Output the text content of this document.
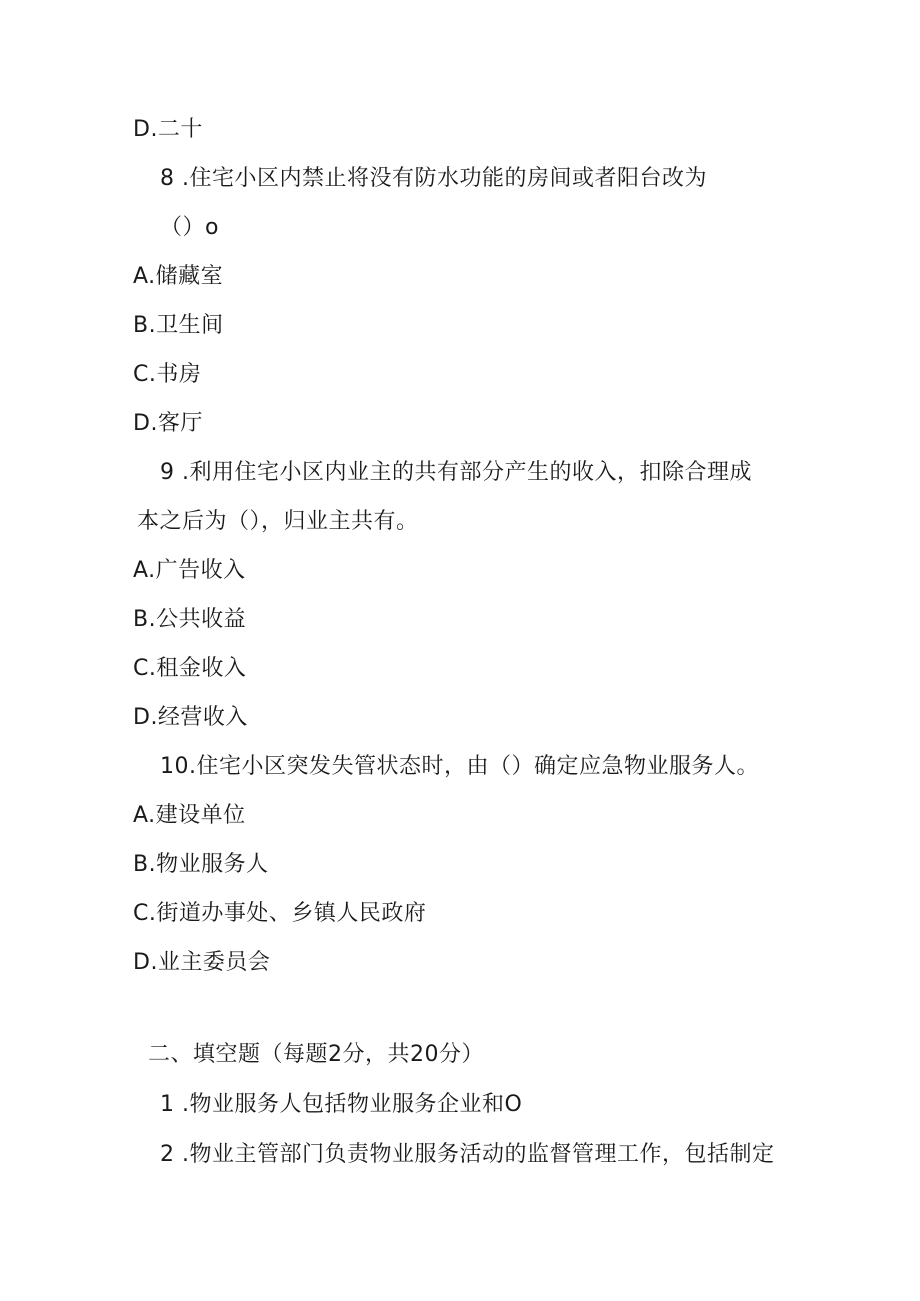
D.二十
8 .住宅小区内禁止将没有防水功能的房间或者阳台改为
（）o
A.储藏室
B.卫生间
C.书房
D.客厅
9 .利用住宅小区内业主的共有部分产生的收入，扣除合理成
本之后为（），归业主共有。
A.广告收入
B.公共收益
C.租金收入
D.经营收入
10.住宅小区突发失管状态时，由（）确定应急物业服务人。
A.建设单位
B.物业服务人
C.街道办事处、乡镇人民政府
D.业主委员会
二、填空题（每题2分，共20分）
1 .物业服务人包括物业服务企业和O
2 .物业主管部门负责物业服务活动的监督管理工作，包括制定
